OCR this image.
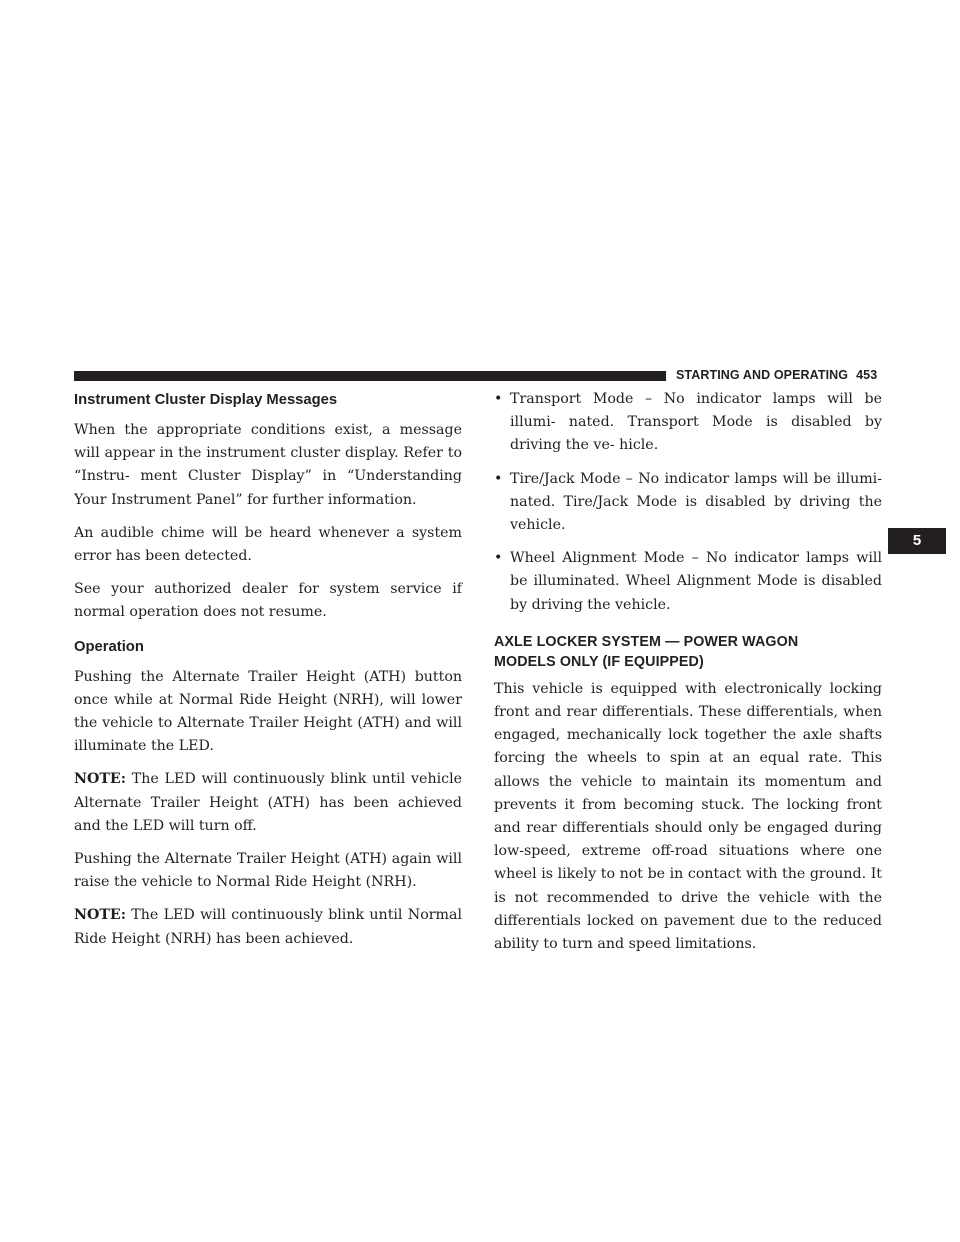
STARTING AND OPERATING 453
5
Instrument Cluster Display Messages

When the appropriate conditions exist, a message will appear in the instrument cluster display. Refer to “Instru- ment Cluster Display” in “Understanding Your Instrument Panel” for further information.

An audible chime will be heard whenever a system error has been detected.

See your authorized dealer for system service if normal operation does not resume.

Operation

Pushing the Alternate Trailer Height (ATH) button once while at Normal Ride Height (NRH), will lower the vehicle to Alternate Trailer Height (ATH) and will illuminate the LED.

NOTE: The LED will continuously blink until vehicle Alternate Trailer Height (ATH) has been achieved and the LED will turn off.

Pushing the Alternate Trailer Height (ATH) again will raise the vehicle to Normal Ride Height (NRH).

NOTE: The LED will continuously blink until Normal Ride Height (NRH) has been achieved.

• Transport Mode – No indicator lamps will be illumi- nated. Transport Mode is disabled by driving the ve- hicle.
• Tire/Jack Mode – No indicator lamps will be illumi- nated. Tire/Jack Mode is disabled by driving the vehicle.
• Wheel Alignment Mode – No indicator lamps will be illuminated. Wheel Alignment Mode is disabled by driving the vehicle.
AXLE LOCKER SYSTEM — POWER WAGON
MODELS ONLY (IF EQUIPPED)

This vehicle is equipped with electronically locking front and rear differentials. These differentials, when engaged, mechanically lock together the axle shafts forcing the wheels to spin at an equal rate. This allows the vehicle to maintain its momentum and prevents it from becoming stuck. The locking front and rear differentials should only be engaged during low-speed, extreme off-road situations where one wheel is likely to not be in contact with the ground. It is not recommended to drive the vehicle with the differentials locked on pavement due to the reduced ability to turn and speed limitations.
